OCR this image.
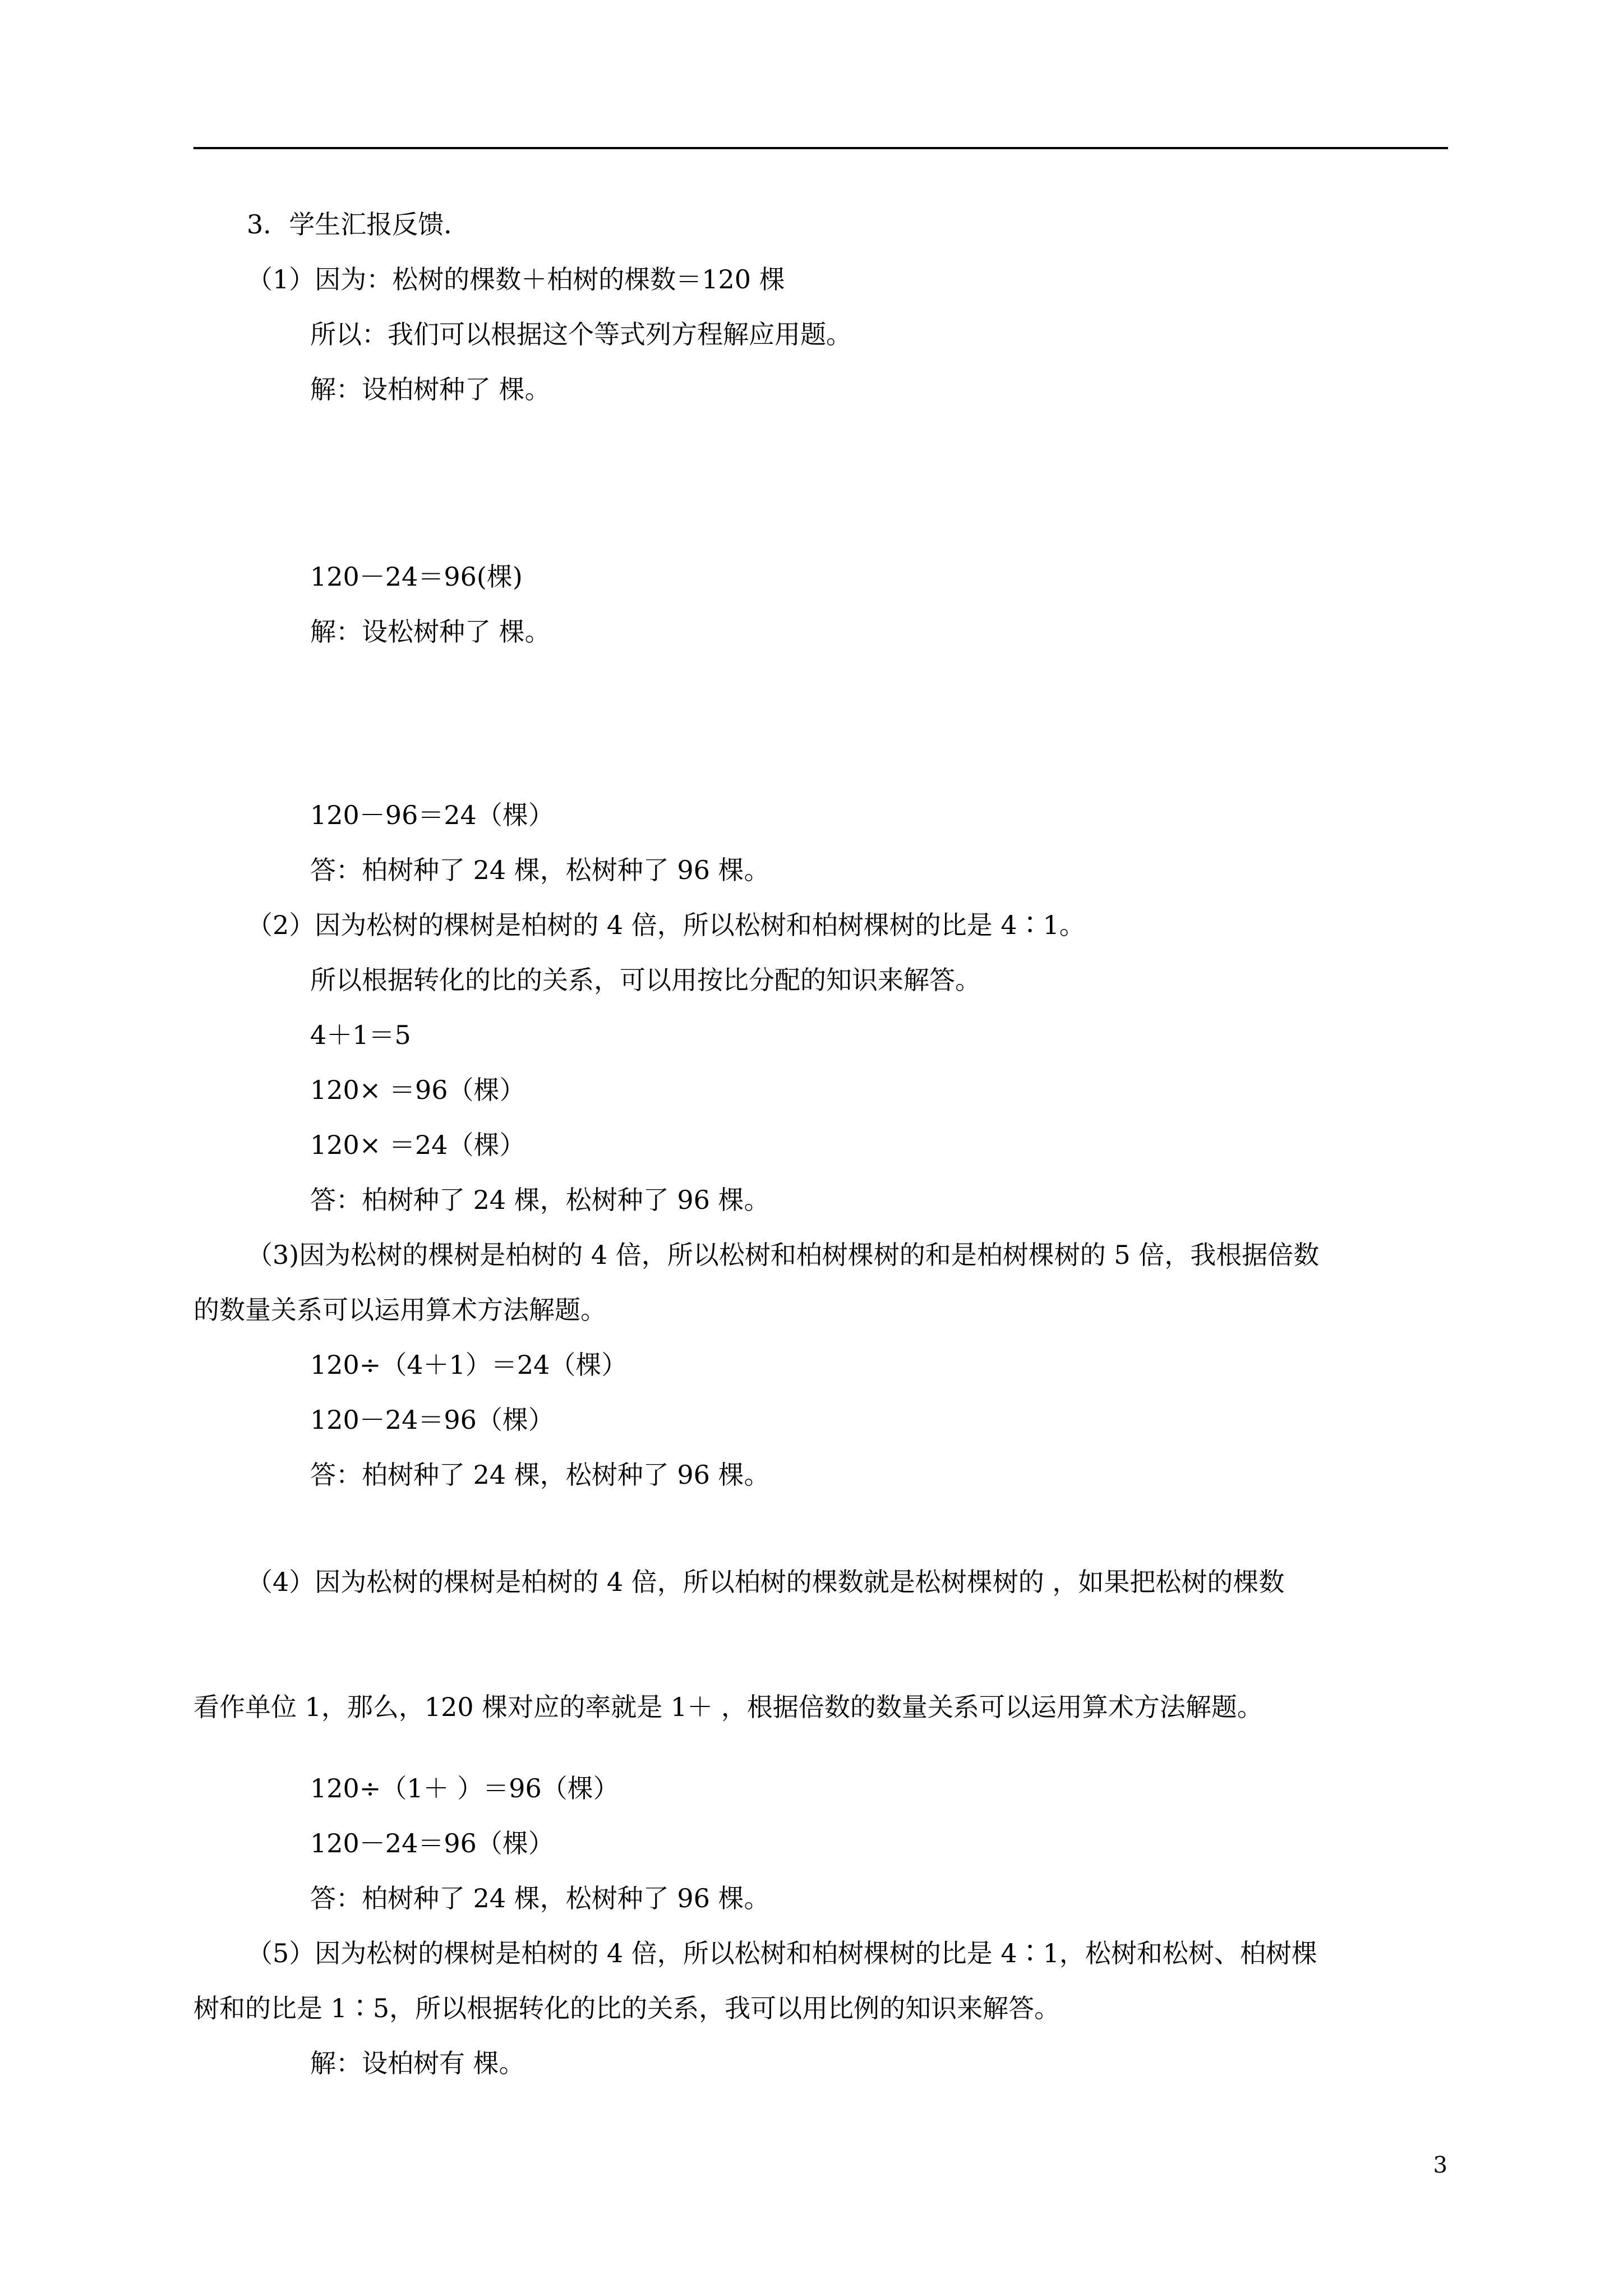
3．学生汇报反馈．
（1）因为：松树的棵数＋柏树的棵数＝120 棵
所以：我们可以根据这个等式列方程解应用题。
解：设柏树种了 棵。
120－24＝96(棵)
解：设松树种了 棵。
120－96＝24（棵）
答：柏树种了 24 棵，松树种了 96 棵。
（2）因为松树的棵树是柏树的 4 倍，所以松树和柏树棵树的比是 4∶1。
所以根据转化的比的关系，可以用按比分配的知识来解答。
4＋1＝5
120× ＝96（棵）
120× ＝24（棵）
答：柏树种了 24 棵，松树种了 96 棵。
（3)因为松树的棵树是柏树的 4 倍，所以松树和柏树棵树的和是柏树棵树的 5 倍，我根据倍数
的数量关系可以运用算术方法解题。
120÷（4＋1）＝24（棵）
120－24＝96（棵）
答：柏树种了 24 棵，松树种了 96 棵。
（4）因为松树的棵树是柏树的 4 倍，所以柏树的棵数就是松树棵树的 ，如果把松树的棵数
看作单位 1，那么，120 棵对应的率就是 1＋ ，根据倍数的数量关系可以运用算术方法解题。
120÷（1＋ ）＝96（棵）
120－24＝96（棵）
答：柏树种了 24 棵，松树种了 96 棵。
（5）因为松树的棵树是柏树的 4 倍，所以松树和柏树棵树的比是 4∶1，松树和松树、柏树棵
树和的比是 1∶5，所以根据转化的比的关系，我可以用比例的知识来解答。
解：设柏树有 棵。
3
